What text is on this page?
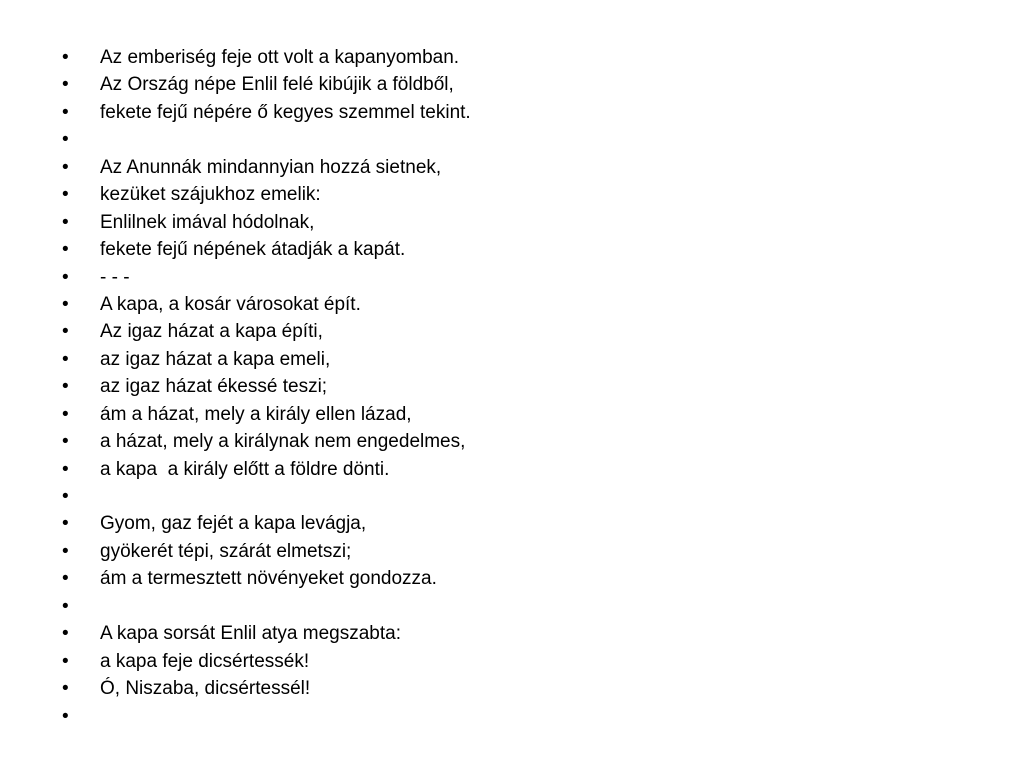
•	Az emberiség feje ott volt a kapanyomban.
•	Az Ország népe Enlil felé kibújik a földből,
•	fekete fejű népére ő kegyes szemmel tekint.
•
•	Az Anunnák mindannyian hozzá sietnek,
•	kezüket szájukhoz emelik:
•	Enlilnek imával hódolnak,
•	fekete fejű népének átadják a kapát.
•	- - -
•	A kapa, a kosár városokat épít.
•	Az igaz házat a kapa építi,
•	az igaz házat a kapa emeli,
•	az igaz házat ékessé teszi;
•	ám a házat, mely a király ellen lázad,
•	a házat, mely a királynak nem engedelmes,
•	a kapa  a király előtt a földre dönti.
•
•	Gyom, gaz fejét a kapa levágja,
•	gyökerét tépi, szárát elmetszi;
•	ám a termesztett növényeket gondozza.
•
•	A kapa sorsát Enlil atya megszabta:
•	a kapa feje dicsértessék!
•	Ó, Niszaba, dicsértessél!
•
